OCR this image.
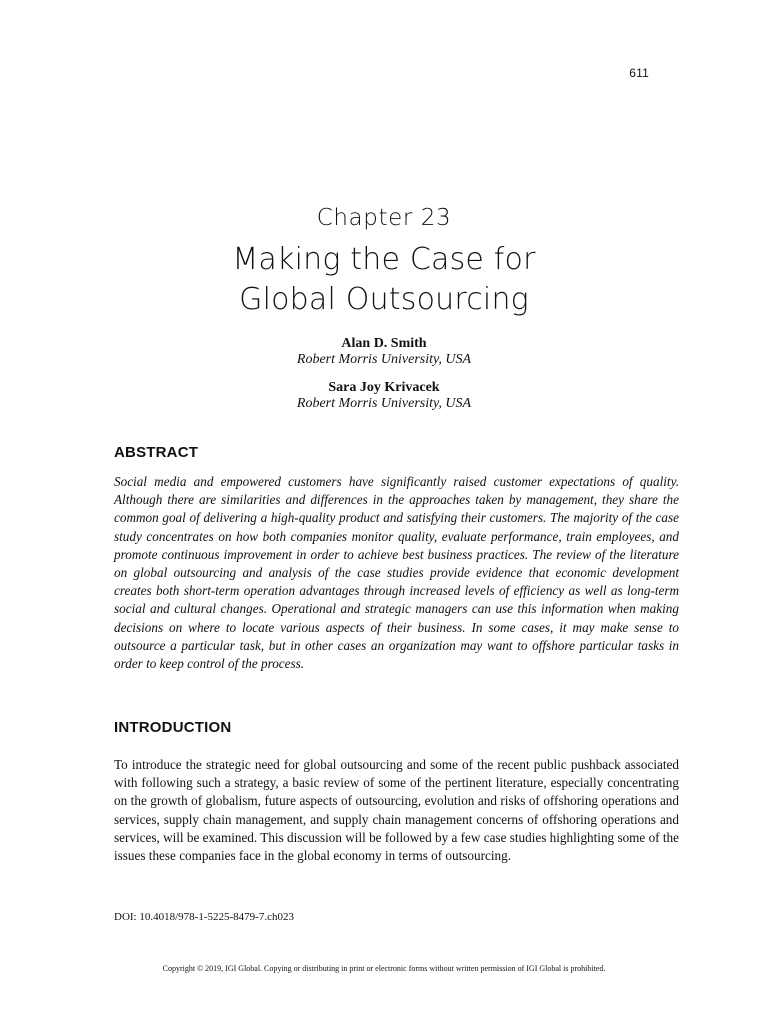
611
Chapter 23
Making the Case for
Global Outsourcing
Alan D. Smith
Robert Morris University, USA
Sara Joy Krivacek
Robert Morris University, USA
ABSTRACT
Social media and empowered customers have significantly raised customer expectations of quality. Although there are similarities and differences in the approaches taken by management, they share the common goal of delivering a high-quality product and satisfying their customers. The majority of the case study concentrates on how both companies monitor quality, evaluate performance, train employees, and promote continuous improvement in order to achieve best business practices. The review of the literature on global outsourcing and analysis of the case studies provide evidence that economic development creates both short-term operation advantages through increased levels of efficiency as well as long-term social and cultural changes. Operational and strategic managers can use this information when making decisions on where to locate various aspects of their business. In some cases, it may make sense to outsource a particular task, but in other cases an organization may want to offshore particular tasks in order to keep control of the process.
INTRODUCTION
To introduce the strategic need for global outsourcing and some of the recent public pushback associated with following such a strategy, a basic review of some of the pertinent literature, especially concentrating on the growth of globalism, future aspects of outsourcing, evolution and risks of offshoring operations and services, supply chain management, and supply chain management concerns of offshoring operations and services, will be examined. This discussion will be followed by a few case studies highlighting some of the issues these companies face in the global economy in terms of outsourcing.
DOI: 10.4018/978-1-5225-8479-7.ch023
Copyright © 2019, IGI Global. Copying or distributing in print or electronic forms without written permission of IGI Global is prohibited.
